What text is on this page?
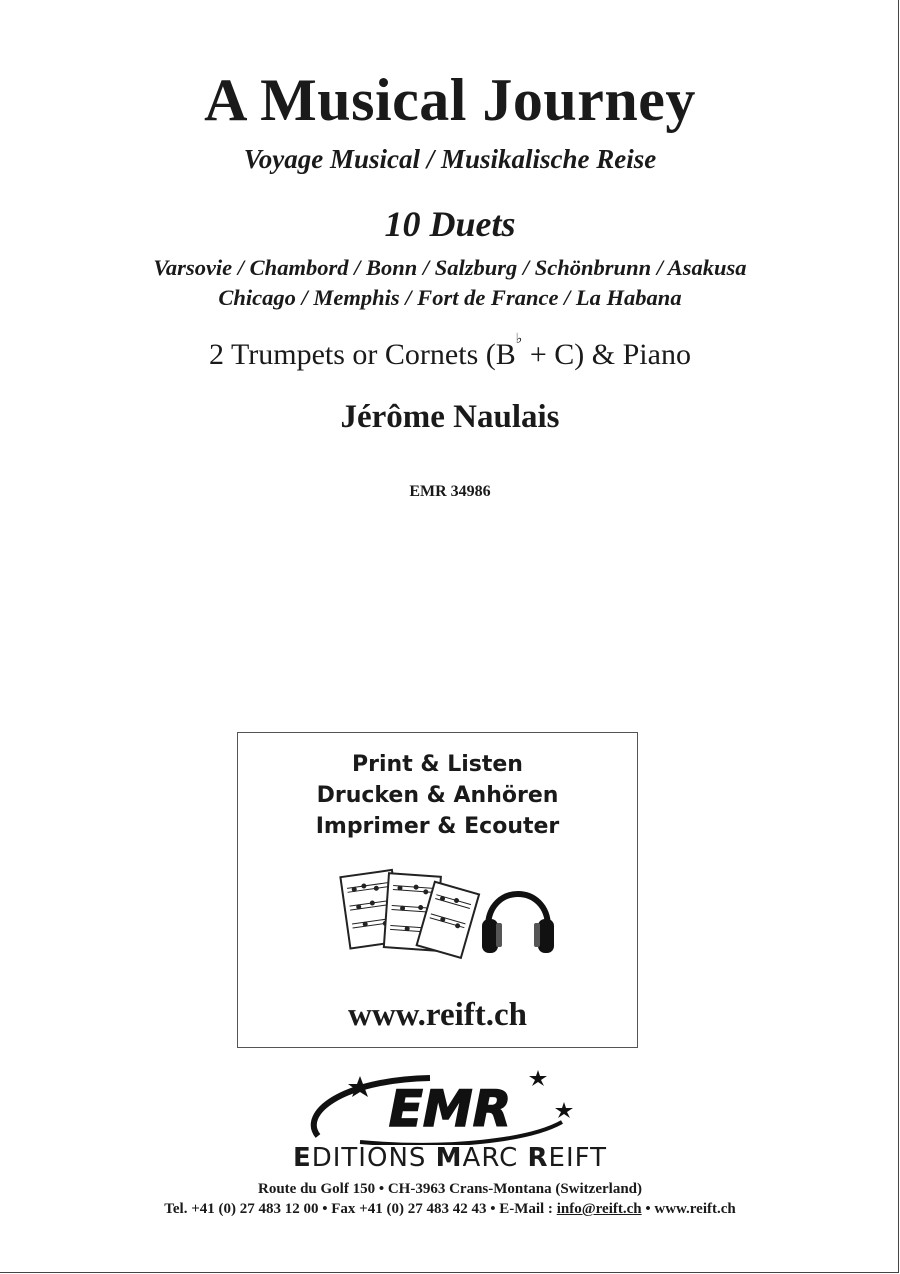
A Musical Journey
Voyage Musical / Musikalische Reise
10 Duets
Varsovie / Chambord / Bonn / Salzburg / Schönbrunn / Asakusa
Chicago / Memphis / Fort de France / La Habana
2 Trumpets or Cornets (B♭ + C) & Piano
Jérôme Naulais
EMR 34986
Print & Listen
Drucken & Anhören
Imprimer & Ecouter
www.reift.ch
EMR
EDITIONS MARC REIFT
Route du Golf 150 • CH-3963 Crans-Montana (Switzerland)
Tel. +41 (0) 27 483 12 00 • Fax +41 (0) 27 483 42 43 • E-Mail : info@reift.ch • www.reift.ch
